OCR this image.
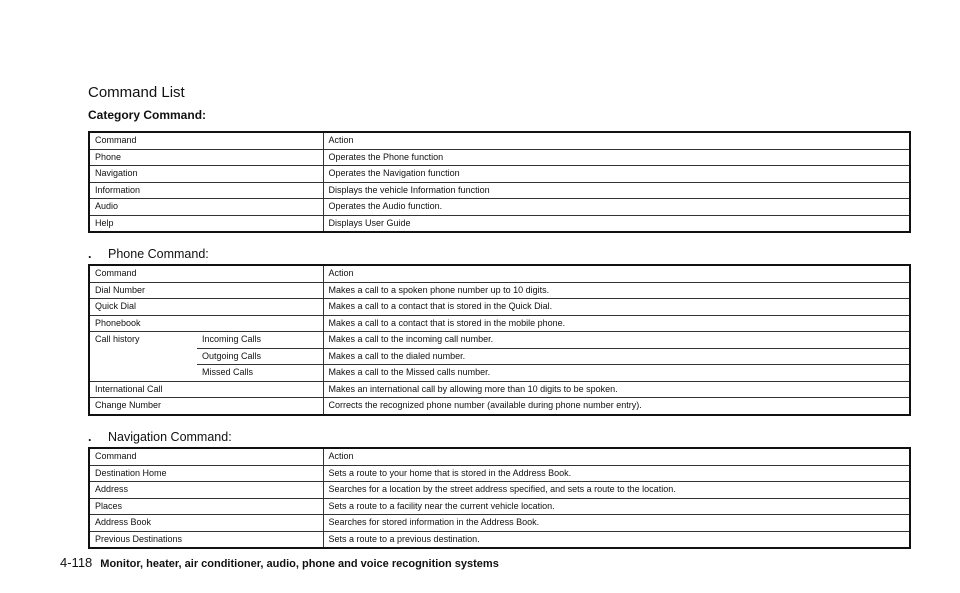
Command List
Category Command:
Command	Action
Phone	Operates the Phone function
Navigation	Operates the Navigation function
Information	Displays the vehicle Information function
Audio	Operates the Audio function.
Help	Displays User Guide
. Phone Command:
Command		Action
Dial Number		Makes a call to a spoken phone number up to 10 digits.
Quick Dial		Makes a call to a contact that is stored in the Quick Dial.
Phonebook		Makes a call to a contact that is stored in the mobile phone.
Call history	Incoming Calls	Makes a call to the incoming call number.
	Outgoing Calls	Makes a call to the dialed number.
	Missed Calls	Makes a call to the Missed calls number.
International Call		Makes an international call by allowing more than 10 digits to be spoken.
Change Number		Corrects the recognized phone number (available during phone number entry).
. Navigation Command:
Command	Action
Destination Home	Sets a route to your home that is stored in the Address Book.
Address	Searches for a location by the street address specified, and sets a route to the location.
Places	Sets a route to a facility near the current vehicle location.
Address Book	Searches for stored information in the Address Book.
Previous Destinations	Sets a route to a previous destination.
4-118 Monitor, heater, air conditioner, audio, phone and voice recognition systems
